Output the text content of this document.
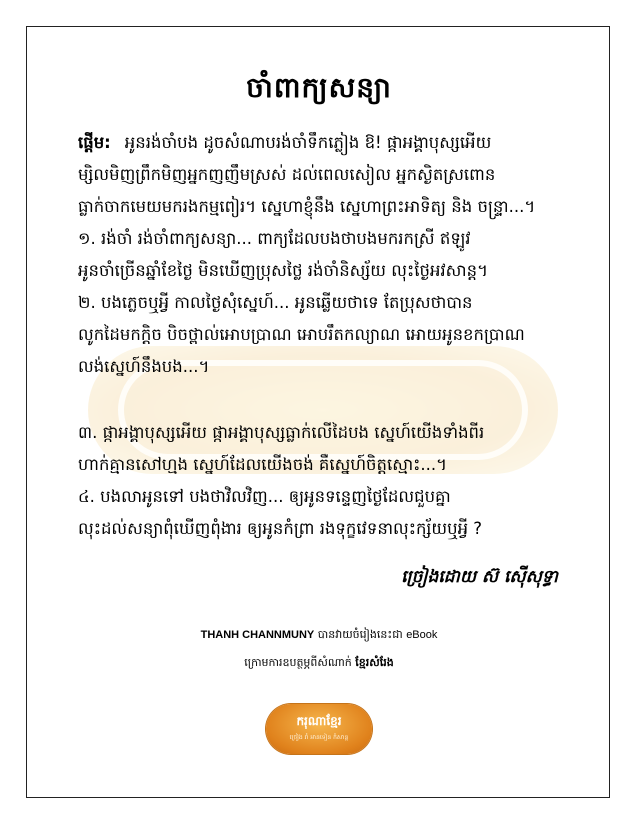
ចាំពាក្យសន្យា
ផ្ដើម: អូនរង់ចាំបង ដូចសំណាបរង់ចាំទឹកភ្លៀង ឱ! ផ្កាអង្គាបុស្សអើយ
ម្សិលមិញព្រឹកមិញអ្នកញញឹមស្រស់ ដល់ពេលសៀល អ្នកស្ងិតស្រពោន
ធ្លាក់ចាកមេយមករងកម្មពៀរ។ ស្នេហាខ្ញុំនឹង ស្នេហាព្រះអាទិត្យ និង ចន្ទ្រា...។
១. រង់ចាំ រង់ចាំពាក្យសន្យា... ពាក្យដែលបងថាបងមករកស្រី ឥឡូវ
អូនចាំច្រើនឆ្នាំខែថ្ងៃ មិនឃើញប្រុសថ្លៃ រង់ចាំនិស្ស័យ លុះថ្ងៃអវសាន្ត។
២. បងភ្លេចឬអ្វី កាលថ្ងៃសុំស្នេហ៍... អូនឆ្លើយថាទេ តែប្រុសថាបាន
លូកដៃមកក្ដិច បិចថ្ពាល់អោបប្រាណ អោបរឹតកល្យាណ អោយអូនខកប្រាណ
លង់ស្នេហ៍នឹងបង...។
៣. ផ្កាអង្គាបុស្សអើយ ផ្កាអង្គាបុស្សធ្លាក់លើដៃបង ស្នេហ៍យើងទាំងពីរ
ហាក់គ្មានសៅហ្មង ស្នេហ៍ដែលយើងចង់ គឺស្នេហ៍ចិត្តស្មោះ...។
៤. បងលាអូនទៅ បងថាវិលវិញ... ឲ្យអូនទន្ទេញថ្ងៃដែលជួបគ្នា
លុះដល់សន្យាពុំឃើញពុំងារ ឲ្យអូនកំព្រា រងទុក្ខវេទនាលុះក្ស័យឬអ្វី ?
ច្រៀងដោយ ស៊ ស៊ើសុទ្ធា
THANH CHANNMUNY បានវាយចំរៀងនេះជា eBook
ក្រោមការឧបត្ថម្ភពីសំណាក់ ខ្មែរសំរែង
ករុណាខ្មែរ
ច្រៀង រាំ អានទៀន កំសាន្ត
